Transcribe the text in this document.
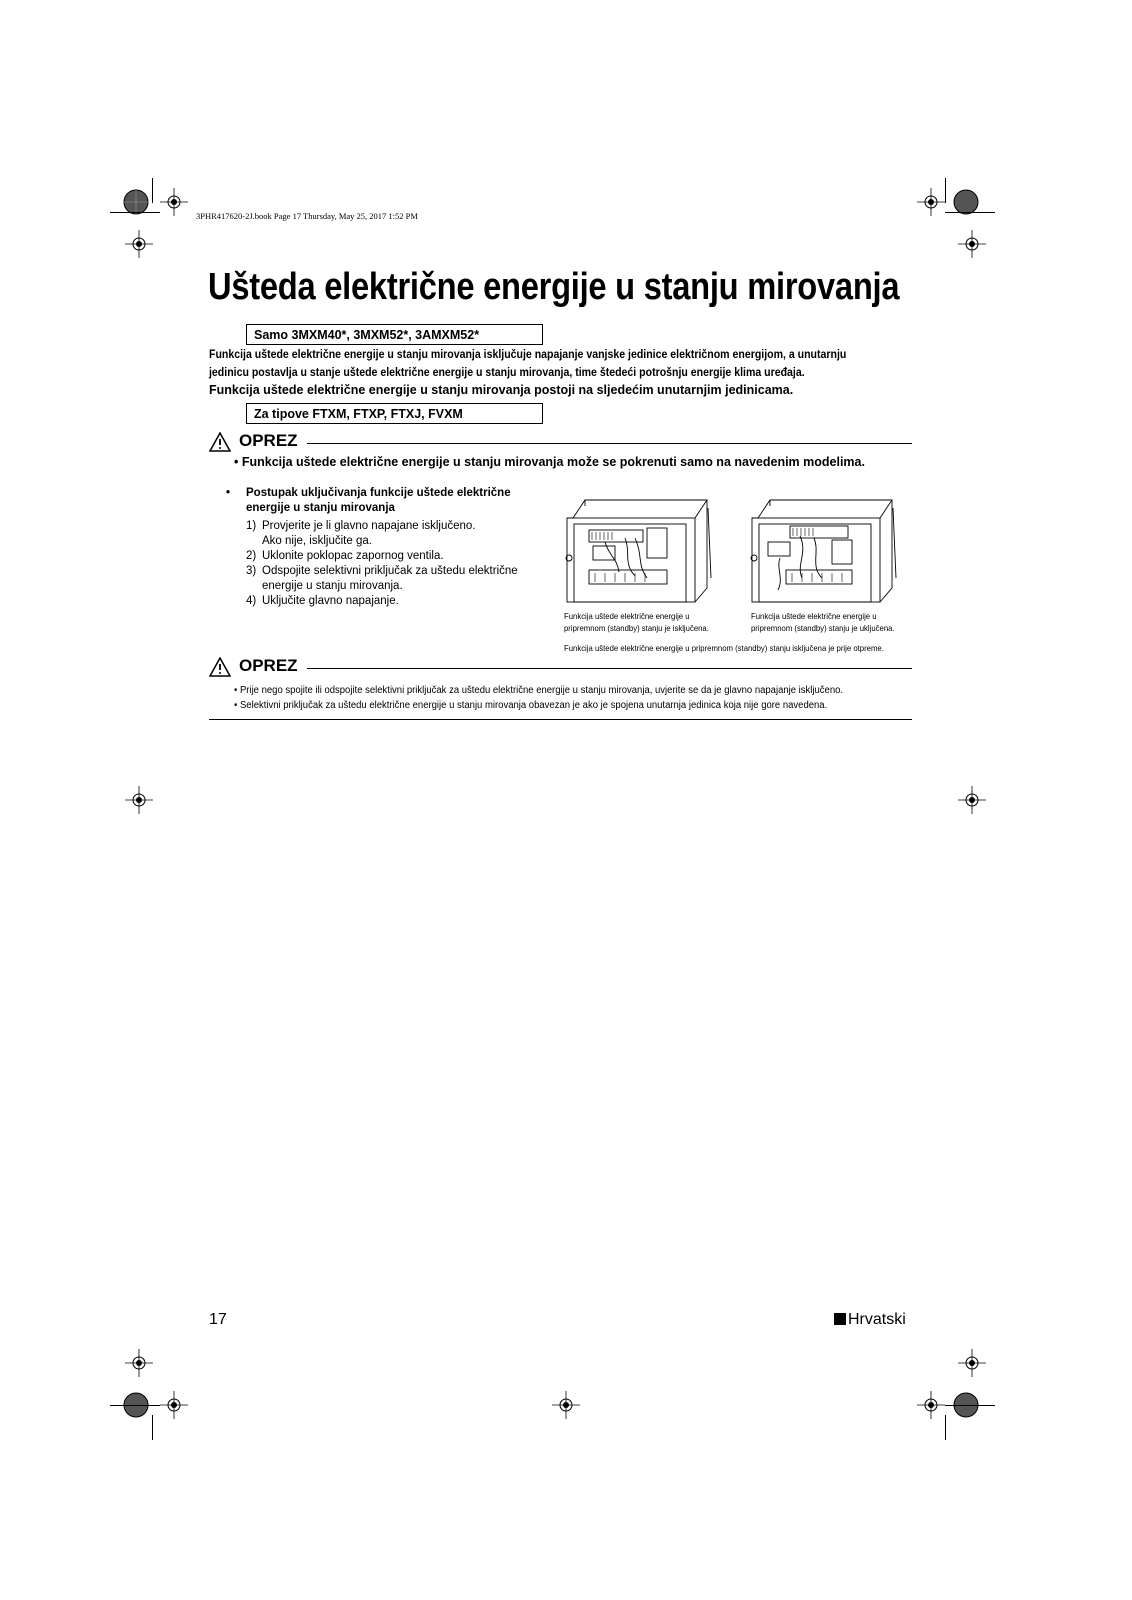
3PHR417620-2J.book Page 17 Thursday, May 25, 2017 1:52 PM
Ušteda električne energije u stanju mirovanja
Samo 3MXM40*, 3MXM52*, 3AMXM52*

Funkcija uštede električne energije u stanju mirovanja isključuje napajanje vanjske jedinice električnom energijom, a unutarnju

jedinicu postavlja u stanje uštede električne energije u stanju mirovanja, time štedeći potrošnju energije klima uređaja.

Funkcija uštede električne energije u stanju mirovanja postoji na sljedećim unutarnjim jedinicama.

Za tipove FTXM, FTXP, FTXJ, FVXM
OPREZ
• Funkcija uštede električne energije u stanju mirovanja može se pokrenuti samo na navedenim modelima.
• Postupak uključivanja funkcije uštede električne
energije u stanju mirovanja
1) Provjerite je li glavno napajane isključeno.
Ako nije, isključite ga.
2) Uklonite poklopac zapornog ventila.
3) Odspojite selektivni priključak za uštedu električne
energije u stanju mirovanja.
4) Uključite glavno napajanje.
Funkcija uštede električne energije u
pripremnom (standby) stanju je isključena.
Funkcija uštede električne energije u
pripremnom (standby) stanju je uključena.
Funkcija uštede električne energije u pripremnom (standby) stanju isključena je prije otpreme.
OPREZ
• Prije nego spojite ili odspojite selektivni priključak za uštedu električne energije u stanju mirovanja, uvjerite se da je glavno napajanje isključeno.
• Selektivni priključak za uštedu električne energije u stanju mirovanja obavezan je ako je spojena unutarnja jedinica koja nije gore navedena.
17	Hrvatski
